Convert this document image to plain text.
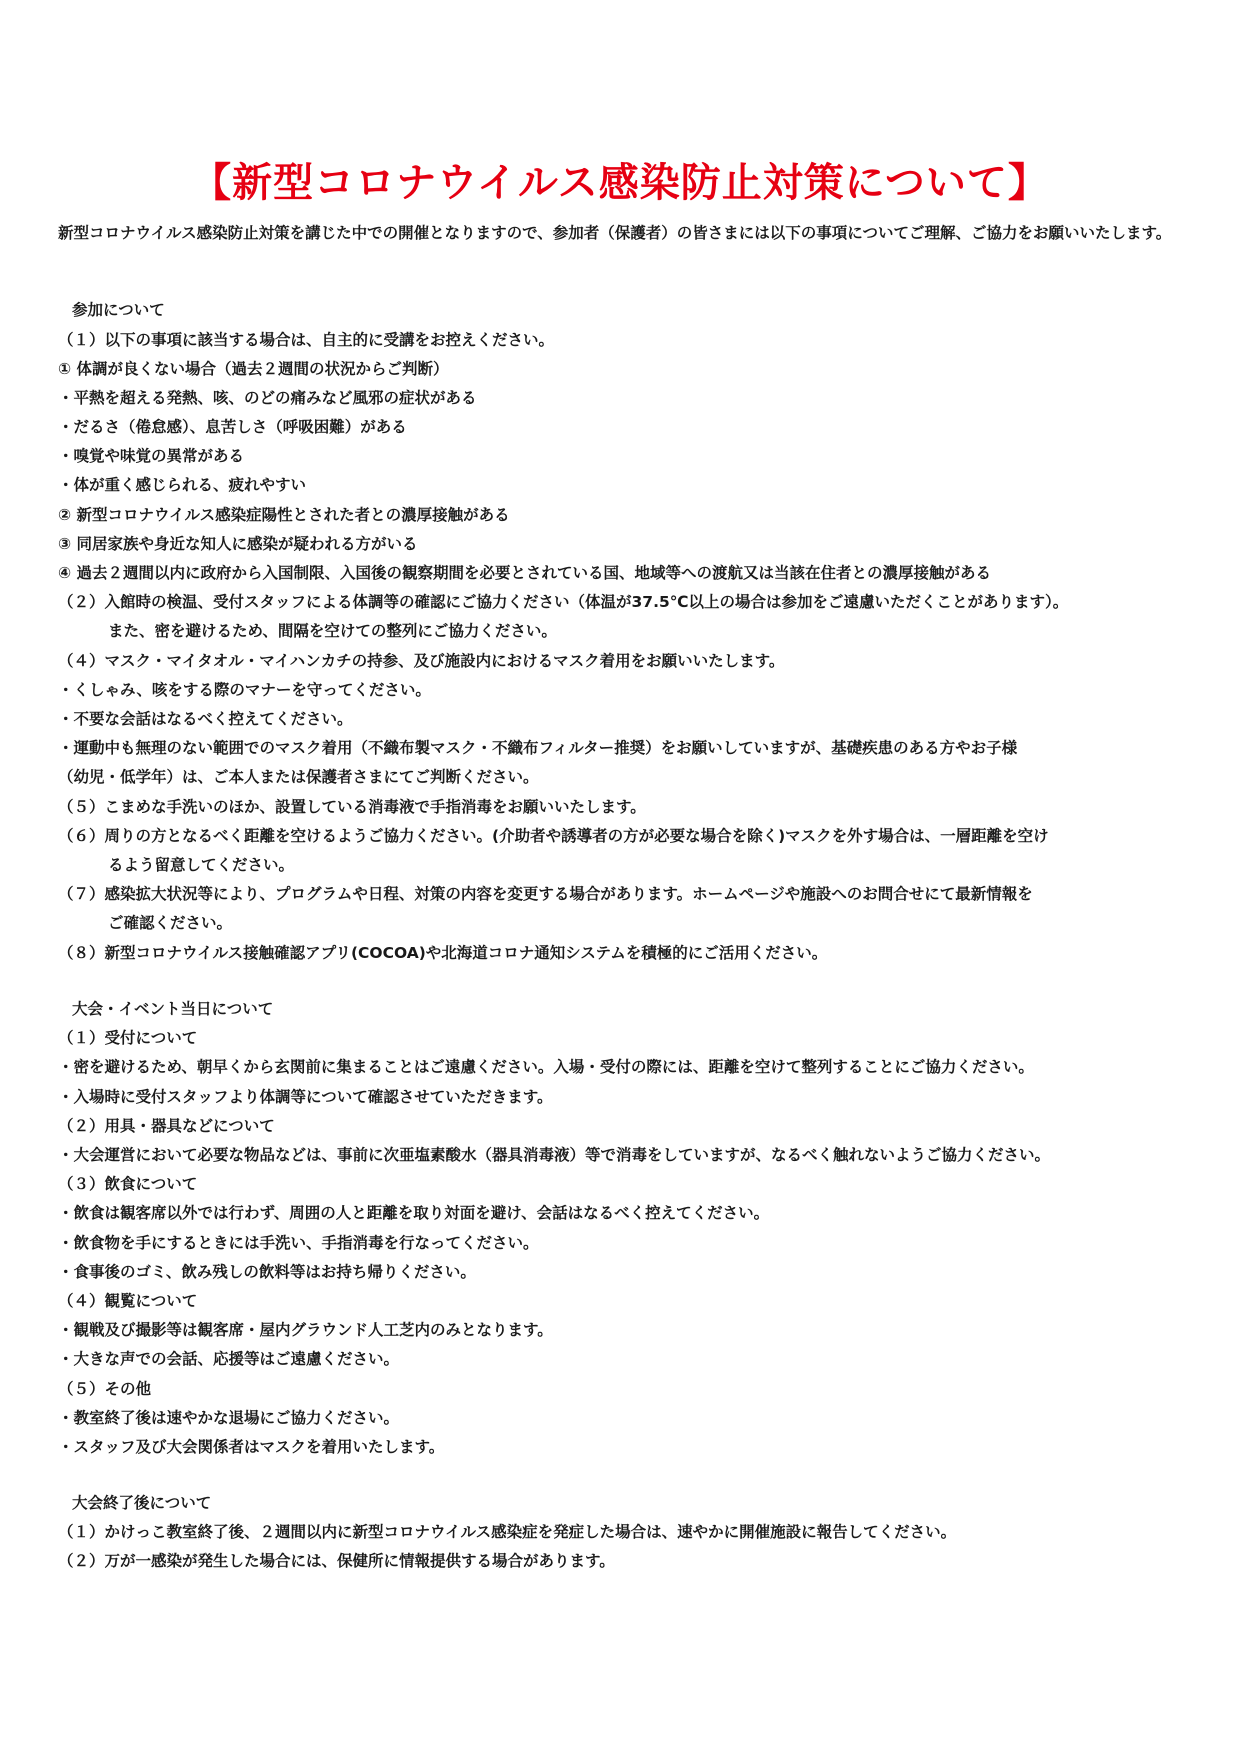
【新型コロナウイルス感染防止対策について】
新型コロナウイルス感染防止対策を講じた中での開催となりますので、参加者（保護者）の皆さまには以下の事項についてご理解、ご協力をお願いいたします。
参加について
（１）以下の事項に該当する場合は、自主的に受講をお控えください。
① 体調が良くない場合（過去２週間の状況からご判断）
・平熱を超える発熱、咳、のどの痛みなど風邪の症状がある
・だるさ（倦怠感）、息苦しさ（呼吸困難）がある
・嗅覚や味覚の異常がある
・体が重く感じられる、疲れやすい
② 新型コロナウイルス感染症陽性とされた者との濃厚接触がある
③ 同居家族や身近な知人に感染が疑われる方がいる
④ 過去２週間以内に政府から入国制限、入国後の観察期間を必要とされている国、地域等への渡航又は当該在住者との濃厚接触がある
（２）入館時の検温、受付スタッフによる体調等の確認にご協力ください（体温が37.5℃以上の場合は参加をご遠慮いただくことがあります）。
また、密を避けるため、間隔を空けての整列にご協力ください。
（４）マスク・マイタオル・マイハンカチの持参、及び施設内におけるマスク着用をお願いいたします。
・くしゃみ、咳をする際のマナーを守ってください。
・不要な会話はなるべく控えてください。
・運動中も無理のない範囲でのマスク着用（不織布製マスク・不織布フィルター推奨）をお願いしていますが、基礎疾患のある方やお子様
（幼児・低学年）は、ご本人または保護者さまにてご判断ください。
（５）こまめな手洗いのほか、設置している消毒液で手指消毒をお願いいたします。
（６）周りの方となるべく距離を空けるようご協力ください。(介助者や誘導者の方が必要な場合を除く)マスクを外す場合は、一層距離を空け
るよう留意してください。
（７）感染拡大状況等により、プログラムや日程、対策の内容を変更する場合があります。ホームページや施設へのお問合せにて最新情報を
ご確認ください。
（８）新型コロナウイルス接触確認アプリ(COCOA)や北海道コロナ通知システムを積極的にご活用ください。
大会・イベント当日について
（１）受付について
・密を避けるため、朝早くから玄関前に集まることはご遠慮ください。入場・受付の際には、距離を空けて整列することにご協力ください。
・入場時に受付スタッフより体調等について確認させていただきます。
（２）用具・器具などについて
・大会運営において必要な物品などは、事前に次亜塩素酸水（器具消毒液）等で消毒をしていますが、なるべく触れないようご協力ください。
（３）飲食について
・飲食は観客席以外では行わず、周囲の人と距離を取り対面を避け、会話はなるべく控えてください。
・飲食物を手にするときには手洗い、手指消毒を行なってください。
・食事後のゴミ、飲み残しの飲料等はお持ち帰りください。
（４）観覧について
・観戦及び撮影等は観客席・屋内グラウンド人工芝内のみとなります。
・大きな声での会話、応援等はご遠慮ください。
（５）その他
・教室終了後は速やかな退場にご協力ください。
・スタッフ及び大会関係者はマスクを着用いたします。
大会終了後について
（１）かけっこ教室終了後、２週間以内に新型コロナウイルス感染症を発症した場合は、速やかに開催施設に報告してください。
（２）万が一感染が発生した場合には、保健所に情報提供する場合があります。
